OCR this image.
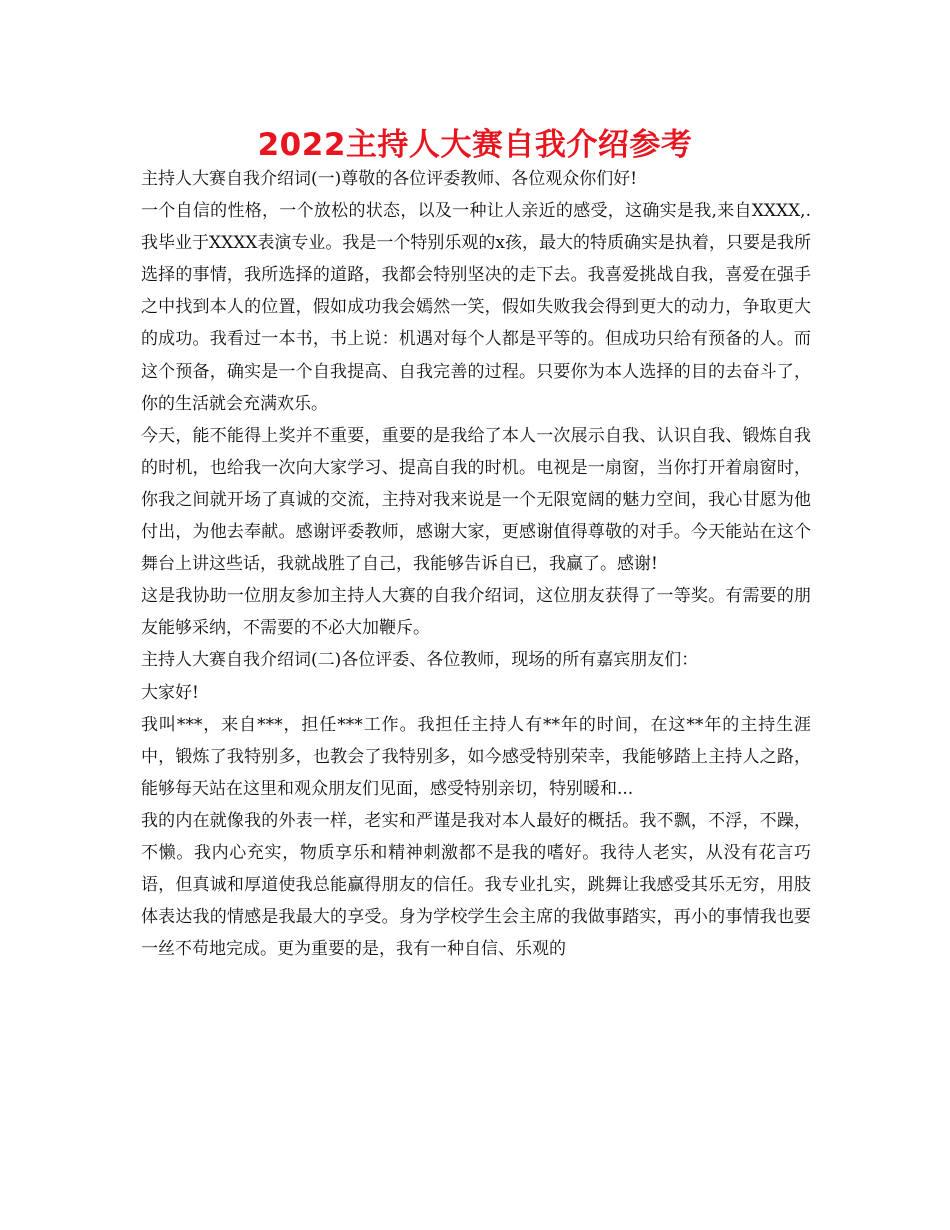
2022主持人大赛自我介绍参考

主持人大赛自我介绍词(一)尊敬的各位评委教师、各位观众你们好!

一个自信的性格，一个放松的状态，以及一种让人亲近的感受，这确实是我,来自XXXX,.我毕业于XXXX表演专业。我是一个特别乐观的x孩，最大的特质确实是执着，只要是我所选择的事情，我所选择的道路，我都会特别坚决的走下去。我喜爱挑战自我，喜爱在强手之中找到本人的位置，假如成功我会嫣然一笑，假如失败我会得到更大的动力，争取更大的成功。我看过一本书，书上说：机遇对每个人都是平等的。但成功只给有预备的人。而这个预备，确实是一个自我提高、自我完善的过程。只要你为本人选择的目的去奋斗了，你的生活就会充满欢乐。

今天，能不能得上奖并不重要，重要的是我给了本人一次展示自我、认识自我、锻炼自我的时机，也给我一次向大家学习、提高自我的时机。电视是一扇窗，当你打开着扇窗时，你我之间就开场了真诚的交流，主持对我来说是一个无限宽阔的魅力空间，我心甘愿为他付出，为他去奉献。感谢评委教师，感谢大家，更感谢值得尊敬的对手。今天能站在这个舞台上讲这些话，我就战胜了自己，我能够告诉自已，我赢了。感谢!

这是我协助一位朋友参加主持人大赛的自我介绍词，这位朋友获得了一等奖。有需要的朋友能够采纳，不需要的不必大加鞭斥。

主持人大赛自我介绍词(二)各位评委、各位教师，现场的所有嘉宾朋友们：

大家好!

我叫***，来自***，担任***工作。我担任主持人有**年的时间，在这**年的主持生涯中，锻炼了我特别多，也教会了我特别多，如今感受特别荣幸，我能够踏上主持人之路，能够每天站在这里和观众朋友们见面，感受特别亲切，特别暖和...

我的内在就像我的外表一样，老实和严谨是我对本人最好的概括。我不飘，不浮，不躁，不懒。我内心充实，物质享乐和精神刺激都不是我的嗜好。我待人老实，从没有花言巧语，但真诚和厚道使我总能赢得朋友的信任。我专业扎实，跳舞让我感受其乐无穷，用肢体表达我的情感是我最大的享受。身为学校学生会主席的我做事踏实，再小的事情我也要一丝不苟地完成。更为重要的是，我有一种自信、乐观的
